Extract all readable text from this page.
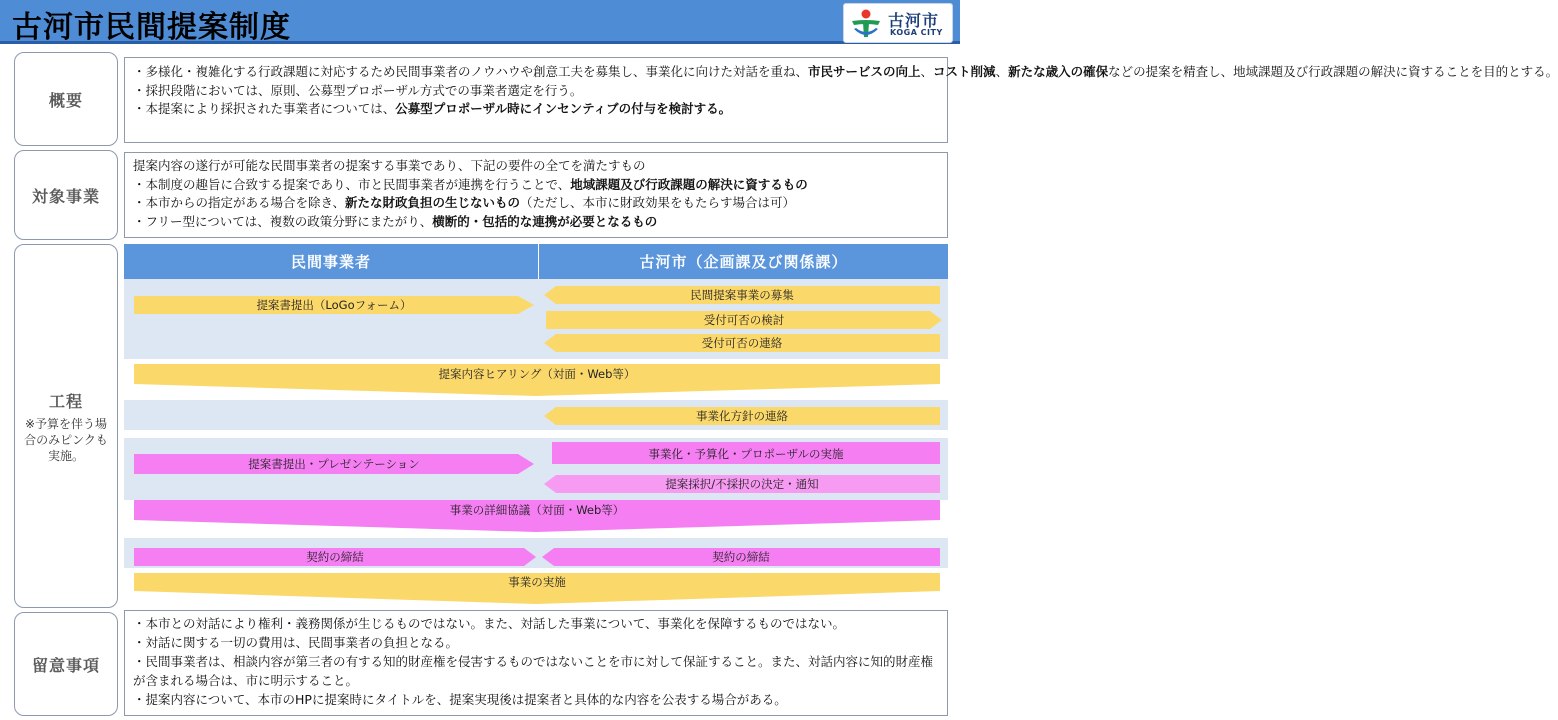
古河市民間提案制度	古河市
KOGA CITY
概要

・多様化・複雑化する行政課題に対応するため民間事業者のノウハウや創意工夫を募集し、事業化に向けた対話を重ね、市民サービスの向上、コスト削減、新たな歳入の確保などの提案を精査し、地域課題及び行政課題の解決に資することを目的とする。

・採択段階においては、原則、公募型プロポーザル方式での事業者選定を行う。

・本提案により採択された事業者については、公募型プロポーザル時にインセンティブの付与を検討する。

対象事業

提案内容の遂行が可能な民間事業者の提案する事業であり、下記の要件の全てを満たすもの

・本制度の趣旨に合致する提案であり、市と民間事業者が連携を行うことで、地域課題及び行政課題の解決に資するもの

・本市からの指定がある場合を除き、新たな財政負担の生じないもの（ただし、本市に財政効果をもたらす場合は可）

・フリー型については、複数の政策分野にまたがり、横断的・包括的な連携が必要となるもの

工程
※予算を伴う場合のみピンクも実施。
民間事業者	古河市（企画課及び関係課）
提案書提出（LoGoフォーム）
民間提案事業の募集
受付可否の検討
受付可否の連絡
提案内容ヒアリング（対面・Web等）
事業化方針の連絡
提案書提出・プレゼンテーション
事業化・予算化・プロポーザルの実施
提案採択/不採択の決定・通知
事業の詳細協議（対面・Web等）
契約の締結	契約の締結
事業の実施
留意事項

・本市との対話により権利・義務関係が生じるものではない。また、対話した事業について、事業化を保障するものではない。

・対話に関する一切の費用は、民間事業者の負担となる。

・民間事業者は、相談内容が第三者の有する知的財産権を侵害するものではないことを市に対して保証すること。また、対話内容に知的財産権が含まれる場合は、市に明示すること。

・提案内容について、本市のHPに提案時にタイトルを、提案実現後は提案者と具体的な内容を公表する場合がある。
